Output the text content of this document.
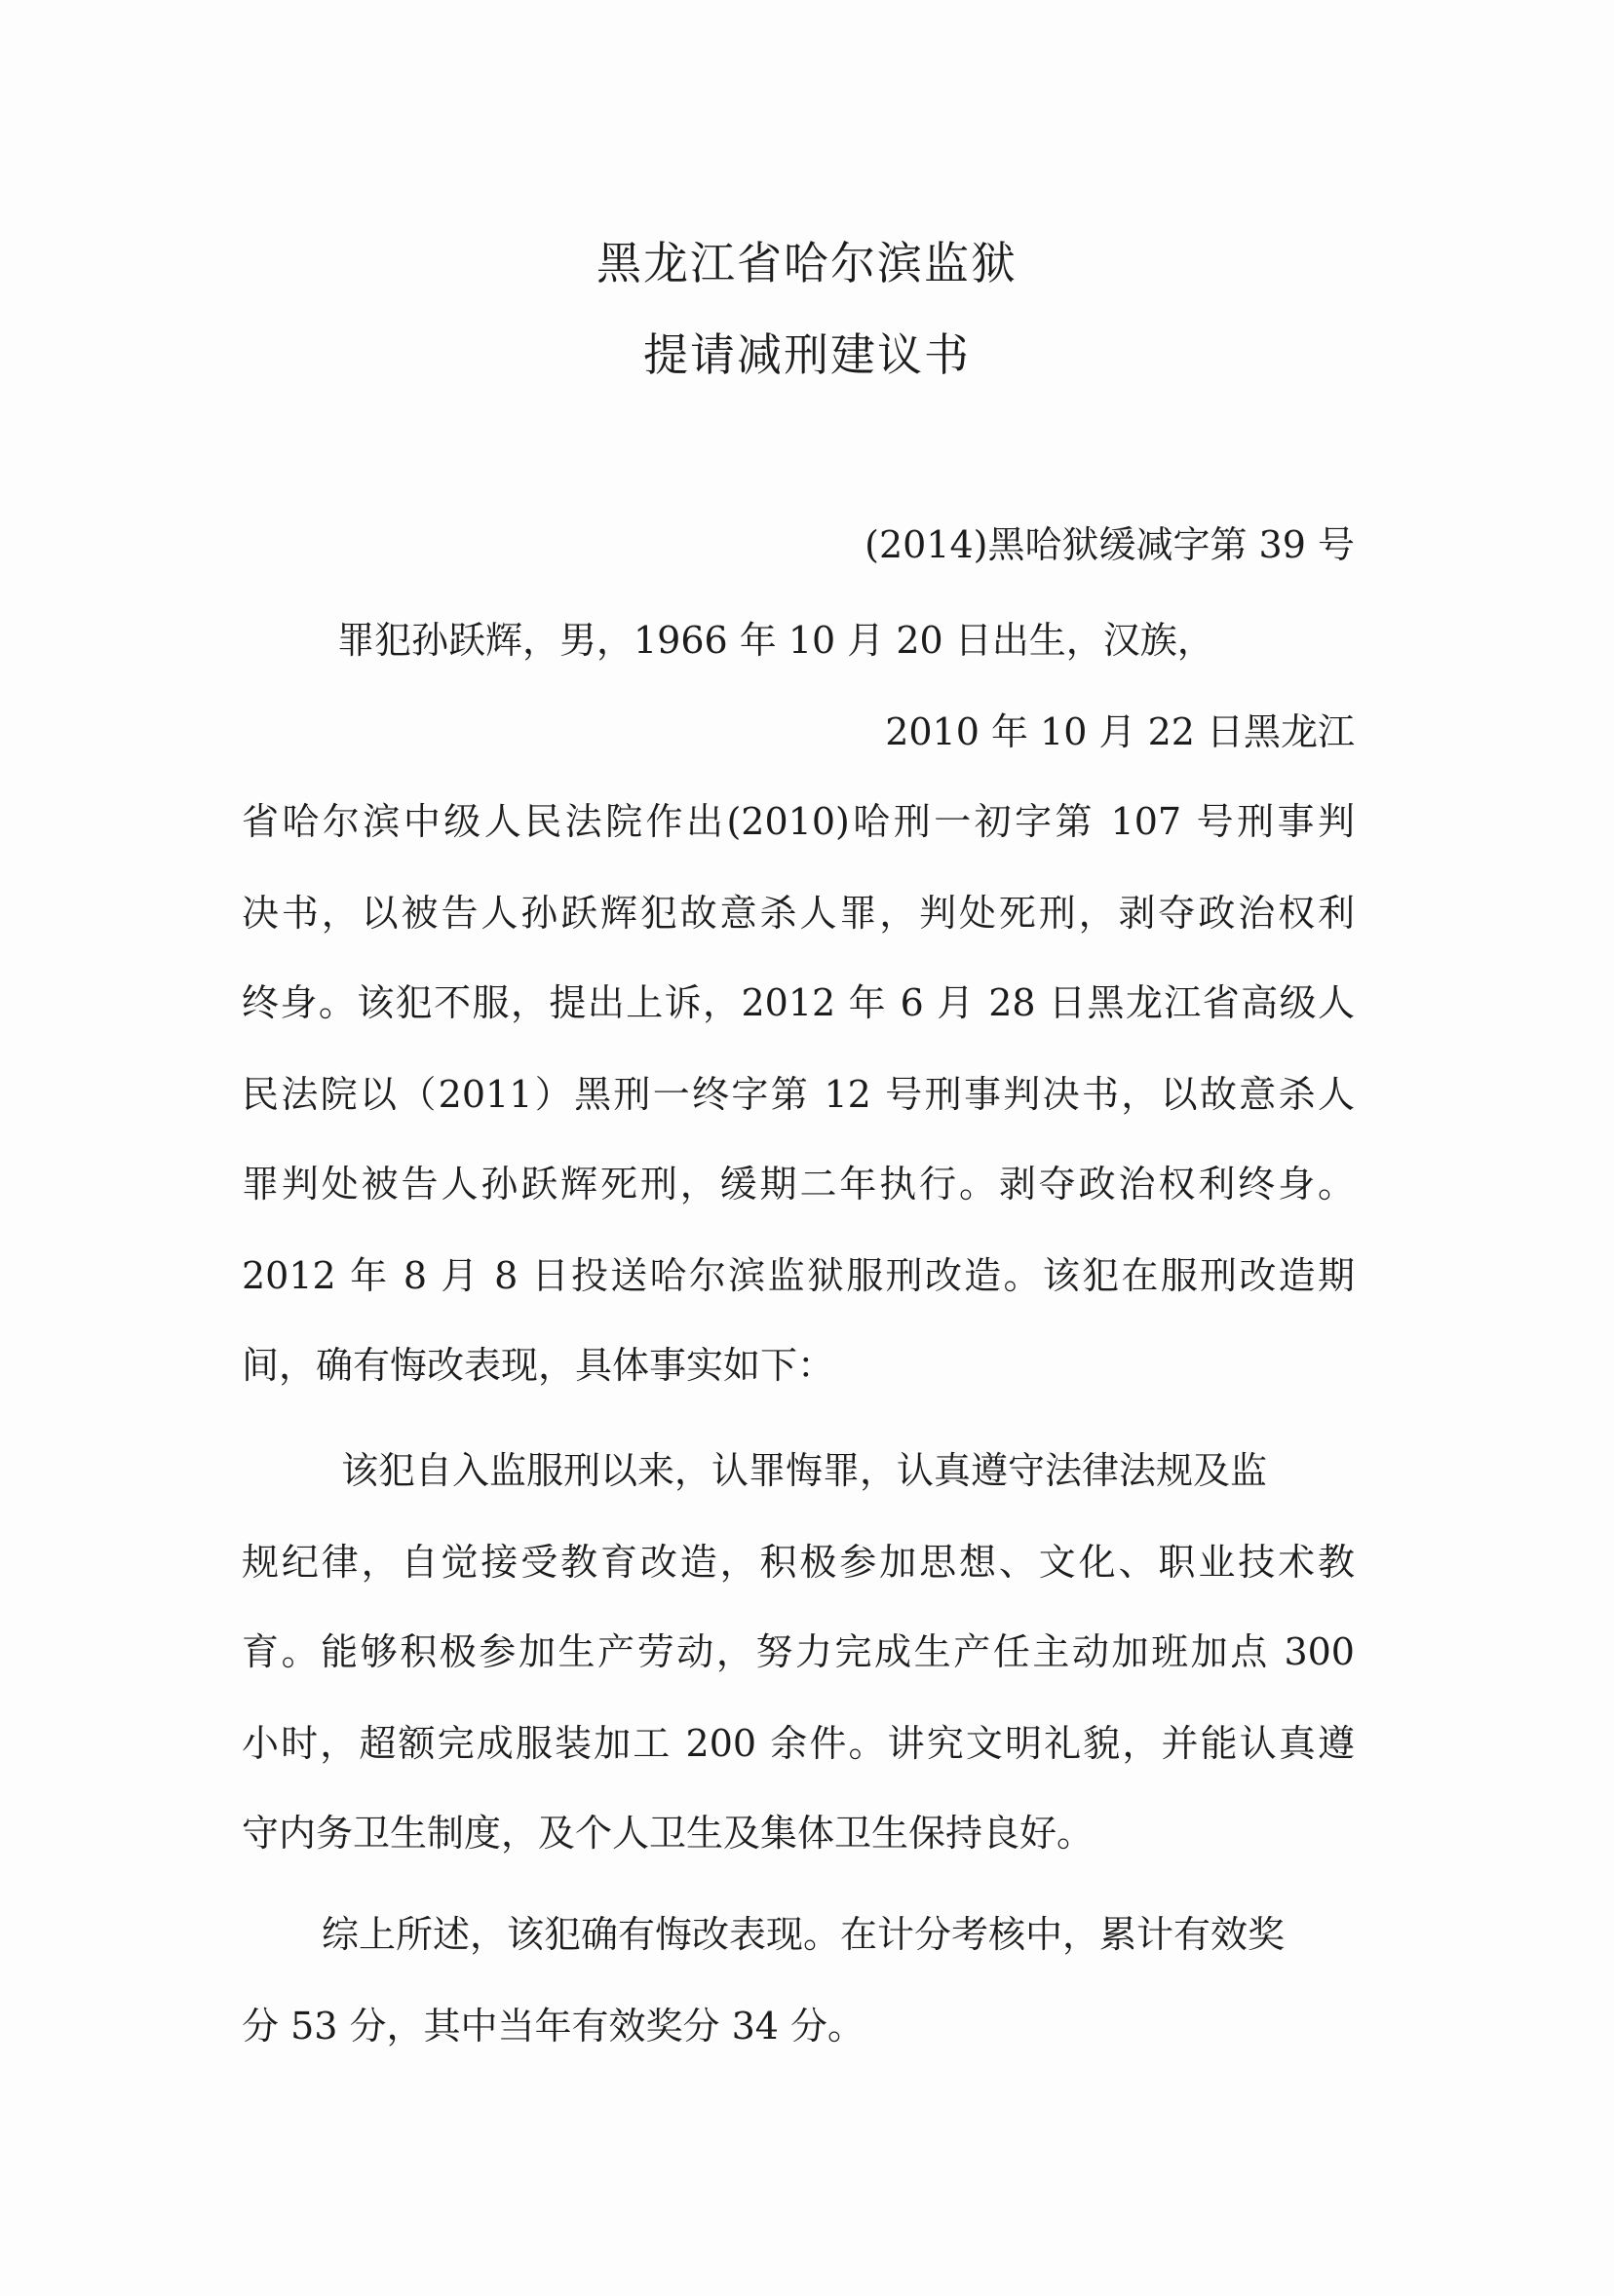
黑龙江省哈尔滨监狱
提请减刑建议书
(2014)黑哈狱缓减字第 39 号
罪犯孙跃辉，男，1966 年 10 月 20 日出生，汉族，
2010 年 10 月 22 日黑龙江
省哈尔滨中级人民法院作出(2010)哈刑一初字第 107 号刑事判
决书，以被告人孙跃辉犯故意杀人罪，判处死刑，剥夺政治权利
终身。该犯不服，提出上诉，2012 年 6 月 28 日黑龙江省高级人
民法院以（2011）黑刑一终字第 12 号刑事判决书，以故意杀人
罪判处被告人孙跃辉死刑，缓期二年执行。剥夺政治权利终身。
2012 年 8 月 8 日投送哈尔滨监狱服刑改造。该犯在服刑改造期
间，确有悔改表现，具体事实如下：
该犯自入监服刑以来，认罪悔罪，认真遵守法律法规及监
规纪律，自觉接受教育改造，积极参加思想、文化、职业技术教
育。能够积极参加生产劳动，努力完成生产任主动加班加点 300
小时，超额完成服装加工 200 余件。讲究文明礼貌，并能认真遵
守内务卫生制度，及个人卫生及集体卫生保持良好。
综上所述，该犯确有悔改表现。在计分考核中，累计有效奖
分 53 分，其中当年有效奖分 34 分。
